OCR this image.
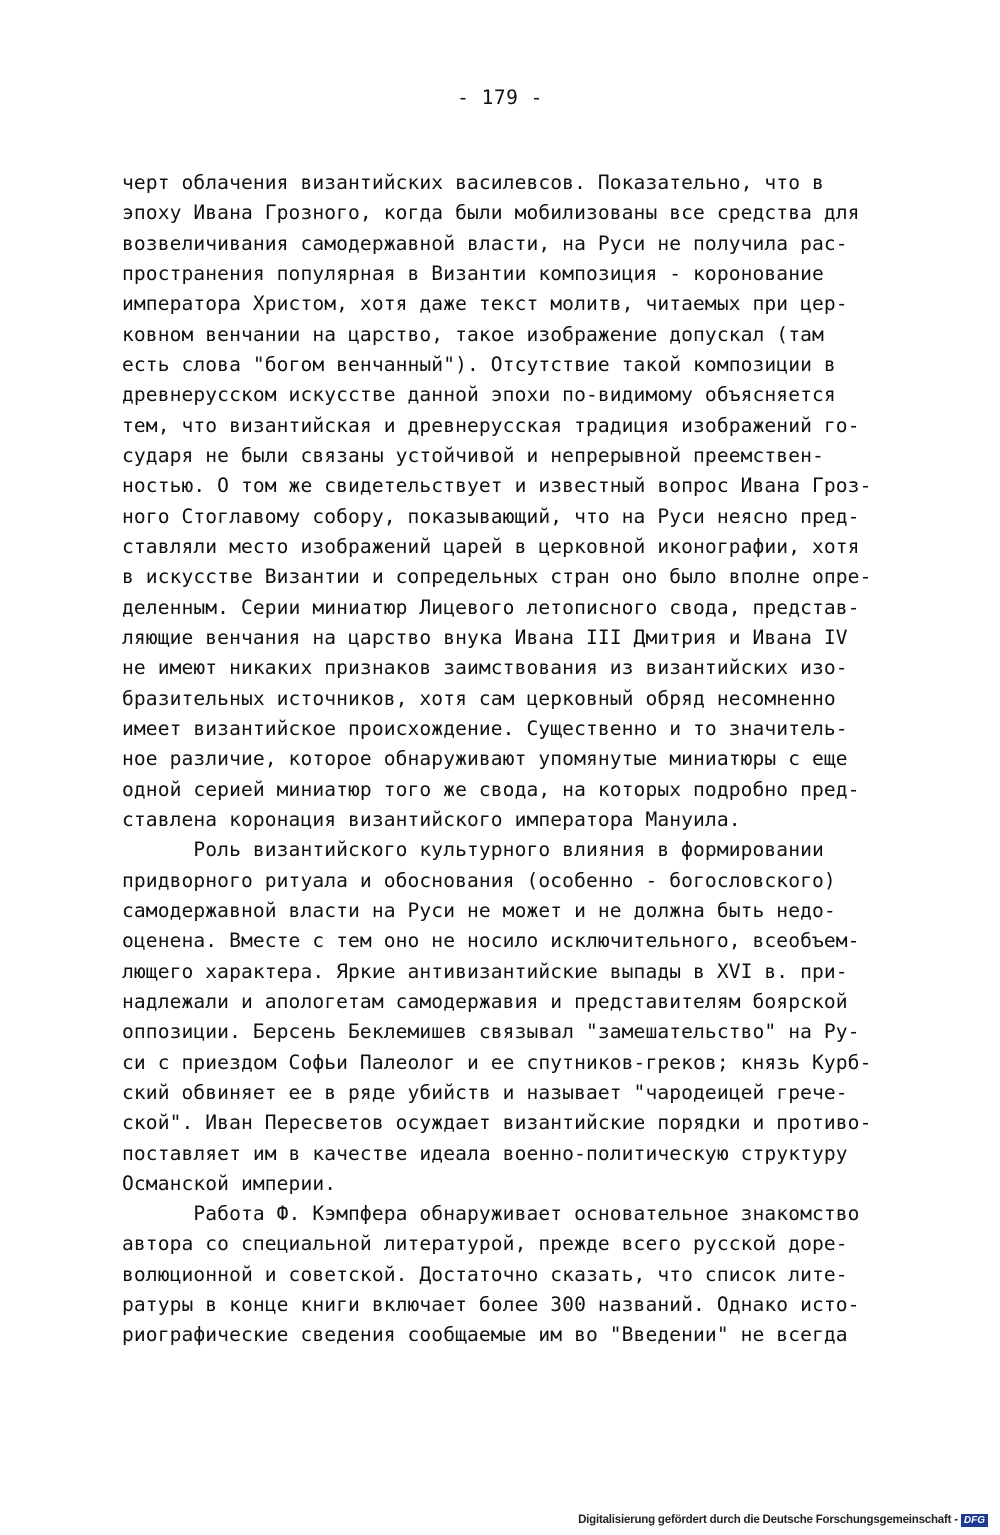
- 179 -
черт облачения византийских василевсов. Показательно, что в
эпоху Ивана Грозного, когда были мобилизованы все средства для
возвеличивания самодержавной власти, на Руси не получила рас-
пространения популярная в Византии композиция - коронование
императора Христом, хотя даже текст молитв, читаемых при цер-
ковном венчании на царство, такое изображение допускал (там
есть слова "богом венчанный"). Отсутствие такой композиции в
древнерусском искусстве данной эпохи по-видимому объясняется
тем, что византийская и древнерусская традиция изображений го-
сударя не были связаны устойчивой и непрерывной преемствен-
ностью. О том же свидетельствует и известный вопрос Ивана Гроз-
ного Стоглавому собору, показывающий, что на Руси неясно пред-
ставляли место изображений царей в церковной иконографии, хотя
в искусстве Византии и сопредельных стран оно было вполне опре-
деленным. Серии миниатюр Лицевого летописного свода, представ-
ляющие венчания на царство внука Ивана III Дмитрия и Ивана IV
не имеют никаких признаков заимствования из византийских изо-
бразительных источников, хотя сам церковный обряд несомненно
имеет византийское происхождение. Существенно и то значитель-
ное различие, которое обнаруживают упомянутые миниатюры с еще
одной серией миниатюр того же свода, на которых подробно пред-
ставлена коронация византийского императора Мануила.
Роль византийского культурного влияния в формировании
придворного ритуала и обоснования (особенно - богословского)
самодержавной власти на Руси не может и не должна быть недо-
оценена. Вместе с тем оно не носило исключительного, всеобъем-
лющего характера. Яркие антивизантийские выпады в XVI в. при-
надлежали и апологетам самодержавия и представителям боярской
оппозиции. Берсень Беклемишев связывал "замешательство" на Ру-
си с приездом Софьи Палеолог и ее спутников-греков; князь Курб-
ский обвиняет ее в ряде убийств и называет "чародеицей грече-
ской". Иван Пересветов осуждает византийские порядки и противо-
поставляет им в качестве идеала военно-политическую структуру
Османской империи.
Работа Ф. Кэмпфера обнаруживает основательное знакомство
автора со специальной литературой, прежде всего русской доре-
волюционной и советской. Достаточно сказать, что список лите-
ратуры в конце книги включает более 300 названий. Однако исто-
риографические сведения сообщаемые им во "Введении" не всегда
Digitalisierung gefördert durch die Deutsche Forschungsgemeinschaft - DFG
